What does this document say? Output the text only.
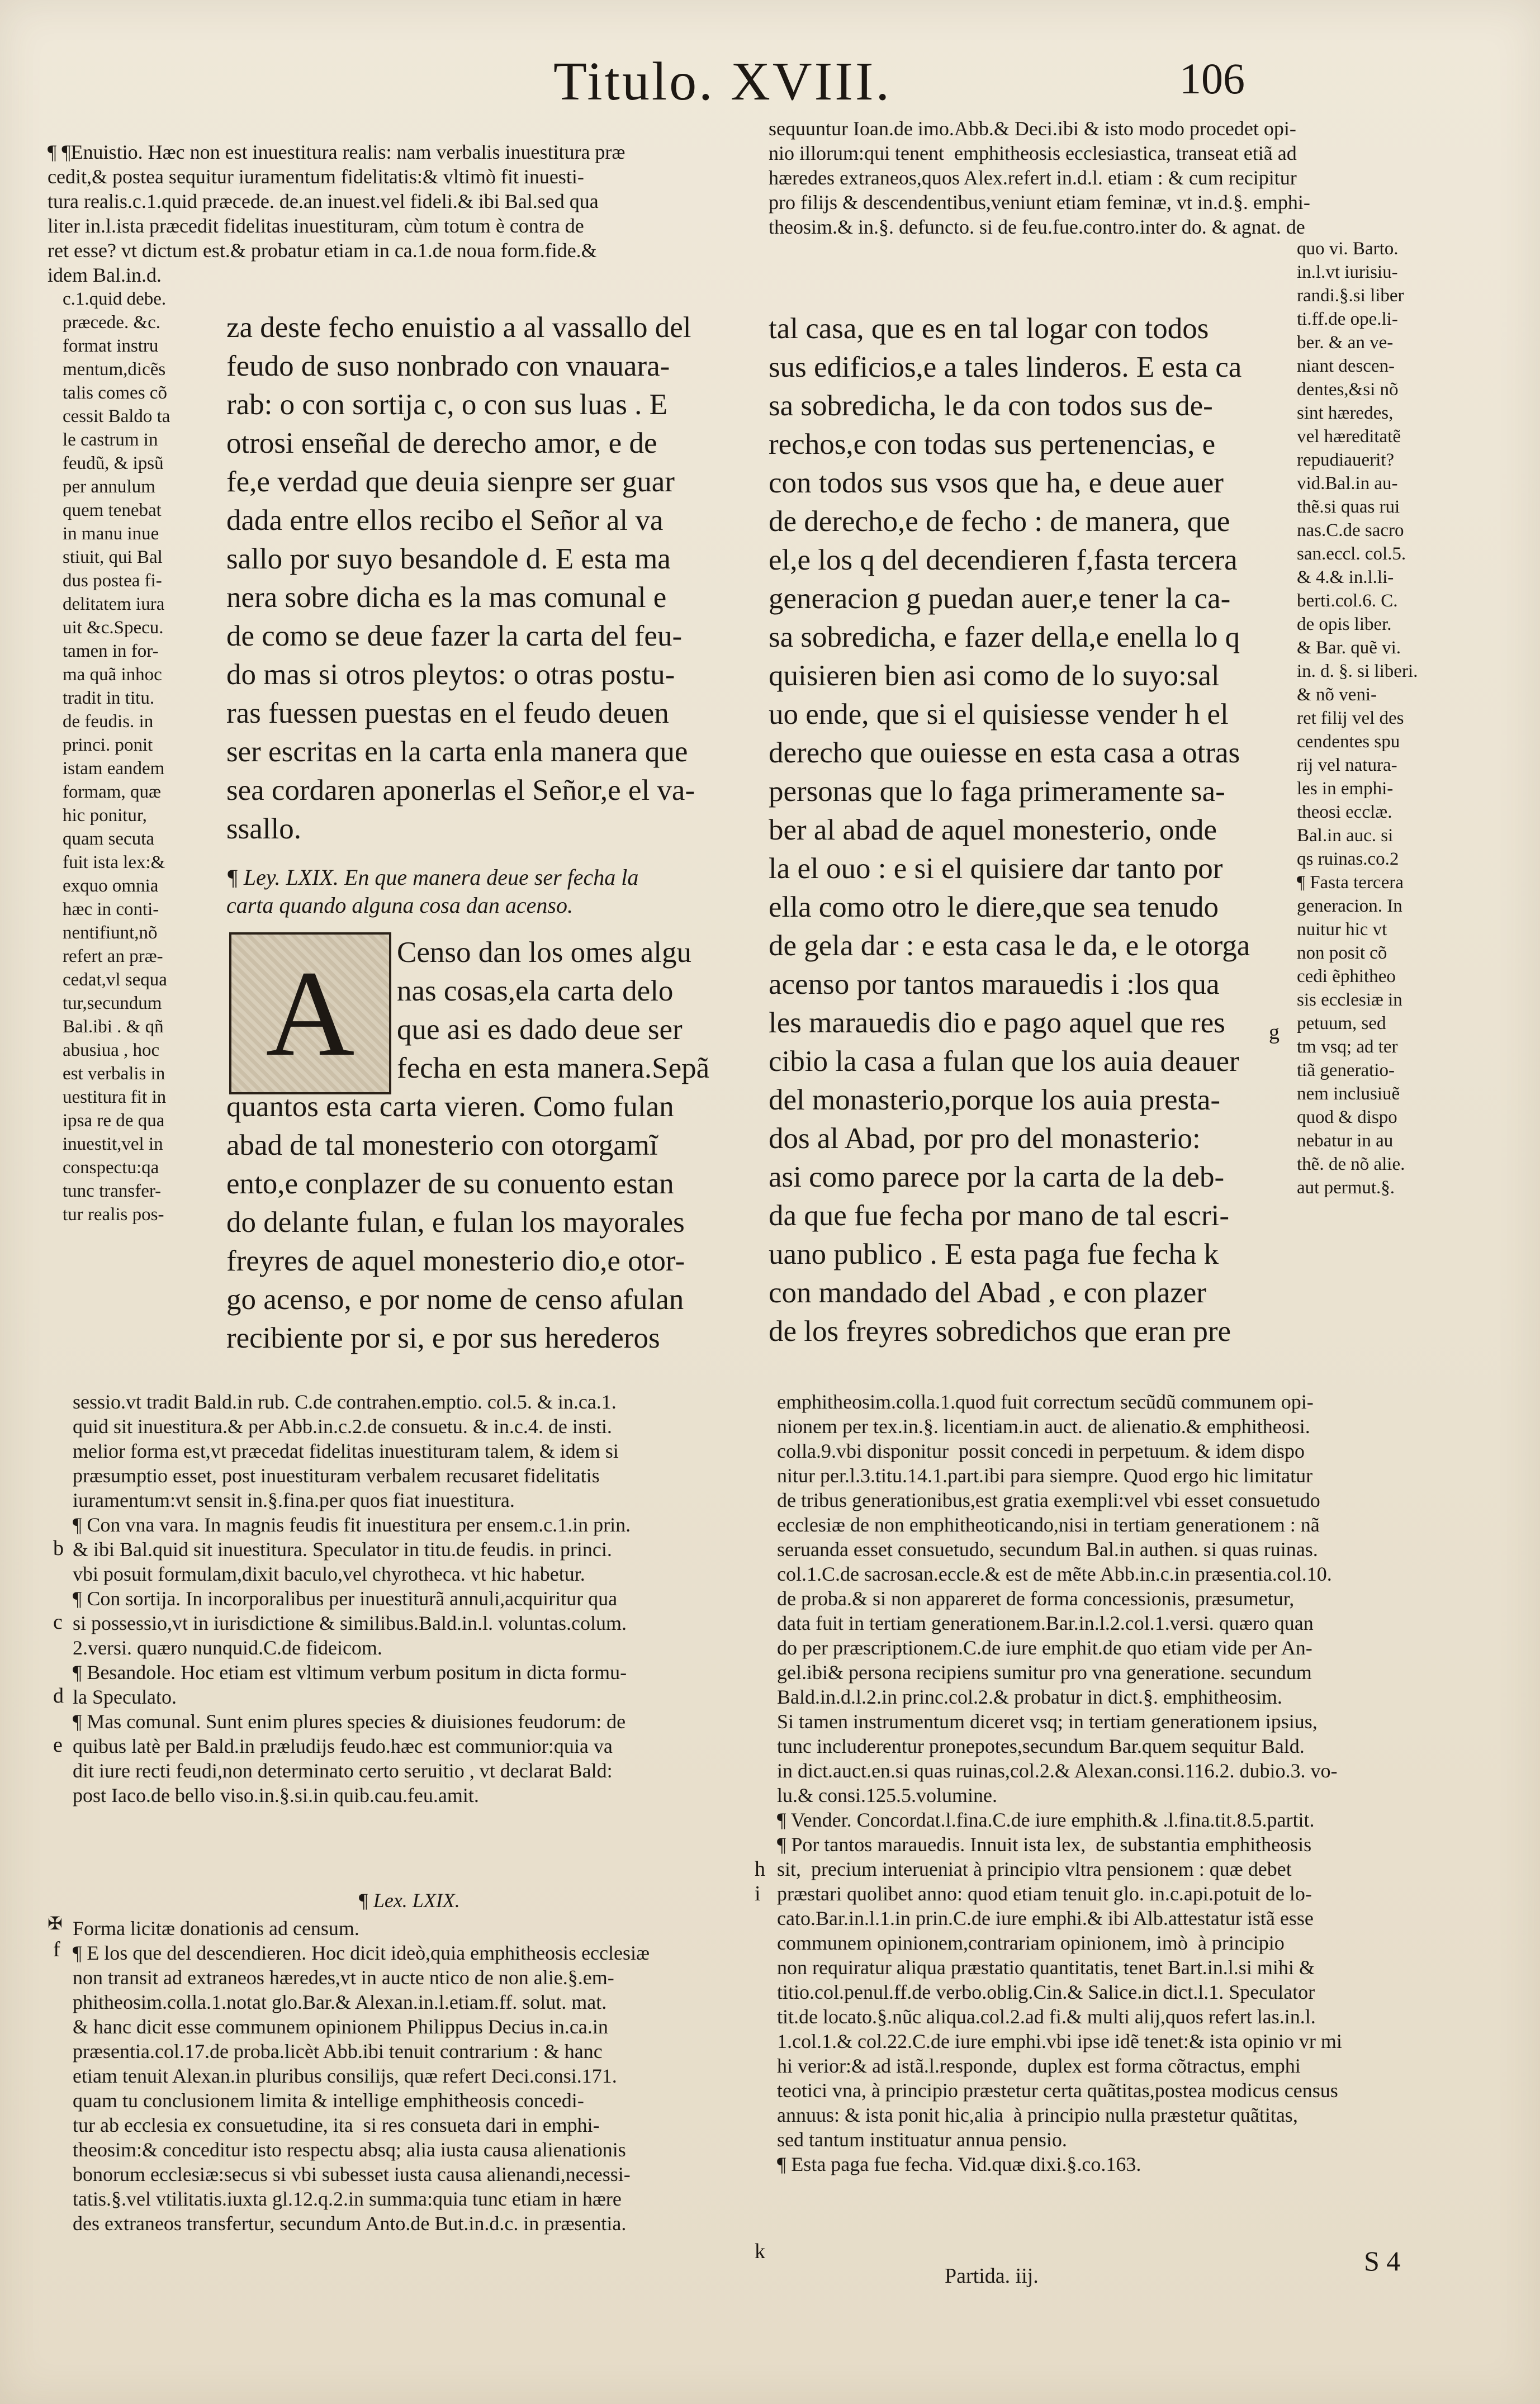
Titulo. XVIII.	106
¶ ¶Enuistio. Hæc non est inuestitura realis: nam verbalis inuestitura præ
cedit,& postea sequitur iuramentum fidelitatis:& vltimò fit inuesti-
tura realis.c.1.quid præcede. de.an inuest.vel fideli.& ibi Bal.sed qua
liter in.l.ista præcedit fidelitas inuestituram, cùm totum è contra de
ret esse? vt dictum est.& probatur etiam in ca.1.de noua form.fide.&
idem Bal.in.d.
c.1.quid debe.
præcede. &c.
format instru
mentum,dicẽs
talis comes cõ
cessit Baldo ta
le castrum in
feudũ, & ipsũ
per annulum
quem tenebat
in manu inue
stiuit, qui Bal
dus postea fi-
delitatem iura
uit &c.Specu.
tamen in for-
ma quã inhoc
tradit in titu.
de feudis. in
princi. ponit
istam eandem
formam, quæ
hic ponitur,
quam secuta
fuit ista lex:&
exquo omnia
hæc in conti-
nentifiunt,nõ
refert an præ-
cedat,vl sequa
tur,secundum
Bal.ibi . & qñ
abusiua , hoc
est verbalis in
uestitura fit in
ipsa re de qua
inuestit,vel in
conspectu:qa
tunc transfer-
tur realis pos-
za deste fecho enuistio a al vassallo del
feudo de suso nonbrado con vnauara-
rab: o con sortija c, o con sus luas . E
otrosi enseñal de derecho amor, e de
fe,e verdad que deuia sienpre ser guar
dada entre ellos recibo el Señor al va
sallo por suyo besandole d. E esta ma
nera sobre dicha es la mas comunal e
de como se deue fazer la carta del feu-
do mas si otros pleytos: o otras postu-
ras fuessen puestas en el feudo deuen
ser escritas en la carta enla manera que
sea cordaren aponerlas el Señor,e el va-
ssallo.
¶ Ley. LXIX. En que manera deue ser fecha la
carta quando alguna cosa dan acenso.
A	Censo dan los omes algu
nas cosas,ela carta delo
que asi es dado deue ser
fecha en esta manera.Sepã
quantos esta carta vieren. Como fulan
abad de tal monesterio con otorgamĩ
ento,e conplazer de su conuento estan
do delante fulan, e fulan los mayorales
freyres de aquel monesterio dio,e otor-
go acenso, e por nome de censo afulan
recibiente por si, e por sus herederos
sessio.vt tradit Bald.in rub. C.de contrahen.emptio. col.5. & in.ca.1.
quid sit inuestitura.& per Abb.in.c.2.de consuetu. & in.c.4. de insti.
melior forma est,vt præcedat fidelitas inuestituram talem, & idem si
præsumptio esset, post inuestituram verbalem recusaret fidelitatis
iuramentum:vt sensit in.§.fina.per quos fiat inuestitura.
¶ Con vna vara. In magnis feudis fit inuestitura per ensem.c.1.in prin.
& ibi Bal.quid sit inuestitura. Speculator in titu.de feudis. in princi.
vbi posuit formulam,dixit baculo,vel chyrotheca. vt hic habetur.
¶ Con sortija. In incorporalibus per inuestiturã annuli,acquiritur qua
si possessio,vt in iurisdictione & similibus.Bald.in.l. voluntas.colum.
2.versi. quæro nunquid.C.de fideicom.
¶ Besandole. Hoc etiam est vltimum verbum positum in dicta formu-
la Speculato.
¶ Mas comunal. Sunt enim plures species & diuisiones feudorum: de
quibus latè per Bald.in præludijs feudo.hæc est communior:quia va
dit iure recti feudi,non determinato certo seruitio , vt declarat Bald:
post Iaco.de bello viso.in.§.si.in quib.cau.feu.amit.
¶ Lex. LXIX.
Forma licitæ donationis ad censum.
¶ E los que del descendieren. Hoc dicit ideò,quia emphitheosis ecclesiæ
non transit ad extraneos hæredes,vt in aucte ntico de non alie.§.em-
phitheosim.colla.1.notat glo.Bar.& Alexan.in.l.etiam.ff. solut. mat.
& hanc dicit esse communem opinionem Philippus Decius in.ca.in
præsentia.col.17.de proba.licèt Abb.ibi tenuit contrarium : & hanc
etiam tenuit Alexan.in pluribus consilijs, quæ refert Deci.consi.171.
quam tu conclusionem limita & intellige emphitheosis concedi-
tur ab ecclesia ex consuetudine, ita  si res consueta dari in emphi-
theosim:& conceditur isto respectu absq; alia iusta causa alienationis
bonorum ecclesiæ:secus si vbi subesset iusta causa alienandi,necessi-
tatis.§.vel vtilitatis.iuxta gl.12.q.2.in summa:quia tunc etiam in hære
des extraneos transfertur, secundum Anto.de But.in.d.c. in præsentia.
sequuntur Ioan.de imo.Abb.& Deci.ibi & isto modo procedet opi-
nio illorum:qui tenent  emphitheosis ecclesiastica, transeat etiã ad
hæredes extraneos,quos Alex.refert in.d.l. etiam : & cum recipitur
pro filijs & descendentibus,veniunt etiam feminæ, vt in.d.§. emphi-
theosim.& in.§. defuncto. si de feu.fue.contro.inter do. & agnat. de
quo vi. Barto.
in.l.vt iurisiu-
randi.§.si liber
ti.ff.de ope.li-
ber. & an ve-
niant descen-
dentes,&si nõ
sint hæredes,
vel hæreditatẽ
repudiauerit?
vid.Bal.in au-
thẽ.si quas rui
nas.C.de sacro
san.eccl. col.5.
& 4.& in.l.li-
berti.col.6. C.
de opis liber.
& Bar. quẽ vi.
in. d. §. si liberi.
& nõ veni-
ret filij vel des
cendentes spu
rij vel natura-
les in emphi-
theosi ecclæ.
Bal.in auc. si
qs ruinas.co.2
¶ Fasta tercera
generacion. In
nuitur hic vt
non posit cõ
cedi ẽphitheo
sis ecclesiæ in
petuum, sed
tm vsq; ad ter
tiã generatio-
nem inclusiuẽ
quod & dispo
nebatur in au
thẽ. de nõ alie.
aut permut.§.
tal casa, que es en tal logar con todos
sus edificios,e a tales linderos. E esta ca
sa sobredicha, le da con todos sus de-
rechos,e con todas sus pertenencias, e
con todos sus vsos que ha, e deue auer
de derecho,e de fecho : de manera, que
el,e los q del decendieren f,fasta tercera
generacion g puedan auer,e tener la ca-
sa sobredicha, e fazer della,e enella lo q
quisieren bien asi como de lo suyo:sal
uo ende, que si el quisiesse vender h el
derecho que ouiesse en esta casa a otras
personas que lo faga primeramente sa-
ber al abad de aquel monesterio, onde
la el ouo : e si el quisiere dar tanto por
ella como otro le diere,que sea tenudo
de gela dar : e esta casa le da, e le otorga
acenso por tantos marauedis i :los qua
les marauedis dio e pago aquel que res
cibio la casa a fulan que los auia deauer
del monasterio,porque los auia presta-
dos al Abad, por pro del monasterio:
asi como parece por la carta de la deb-
da que fue fecha por mano de tal escri-
uano publico . E esta paga fue fecha k
con mandado del Abad , e con plazer
de los freyres sobredichos que eran pre
emphitheosim.colla.1.quod fuit correctum secũdũ communem opi-
nionem per tex.in.§. licentiam.in auct. de alienatio.& emphitheosi.
colla.9.vbi disponitur  possit concedi in perpetuum. & idem dispo
nitur per.l.3.titu.14.1.part.ibi para siempre. Quod ergo hic limitatur
de tribus generationibus,est gratia exempli:vel vbi esset consuetudo
ecclesiæ de non emphitheoticando,nisi in tertiam generationem : nã
seruanda esset consuetudo, secundum Bal.in authen. si quas ruinas.
col.1.C.de sacrosan.eccle.& est de mẽte Abb.in.c.in præsentia.col.10.
de proba.& si non appareret de forma concessionis, præsumetur,
data fuit in tertiam generationem.Bar.in.l.2.col.1.versi. quæro quan
do per præscriptionem.C.de iure emphit.de quo etiam vide per An-
gel.ibi& persona recipiens sumitur pro vna generatione. secundum
Bald.in.d.l.2.in princ.col.2.& probatur in dict.§. emphitheosim.
Si tamen instrumentum diceret vsq; in tertiam generationem ipsius,
tunc includerentur pronepotes,secundum Bar.quem sequitur Bald.
in dict.auct.en.si quas ruinas,col.2.& Alexan.consi.116.2. dubio.3. vo-
lu.& consi.125.5.volumine.
¶ Vender. Concordat.l.fina.C.de iure emphith.& .l.fina.tit.8.5.partit.
¶ Por tantos marauedis. Innuit ista lex,  de substantia emphitheosis
sit,  precium interueniat à principio vltra pensionem : quæ debet
præstari quolibet anno: quod etiam tenuit glo. in.c.api.potuit de lo-
cato.Bar.in.l.1.in prin.C.de iure emphi.& ibi Alb.attestatur istã esse
communem opinionem,contrariam opinionem, imò  à principio
non requiratur aliqua præstatio quantitatis, tenet Bart.in.l.si mihi &
titio.col.penul.ff.de verbo.oblig.Cin.& Salice.in dict.l.1. Speculator
tit.de locato.§.nũc aliqua.col.2.ad fi.& multi alij,quos refert las.in.l.
1.col.1.& col.22.C.de iure emphi.vbi ipse idẽ tenet:& ista opinio vr mi
hi verior:& ad istã.l.responde,  duplex est forma cõtractus, emphi
teotici vna, à principio præstetur certa quãtitas,postea modicus census
annuus: & ista ponit hic,alia  à principio nulla præstetur quãtitas,
sed tantum instituatur annua pensio.
¶ Esta paga fue fecha. Vid.quæ dixi.§.co.163.
✠
b
c
d
e
f
g
h
i
k
Partida. iij.	S 4
